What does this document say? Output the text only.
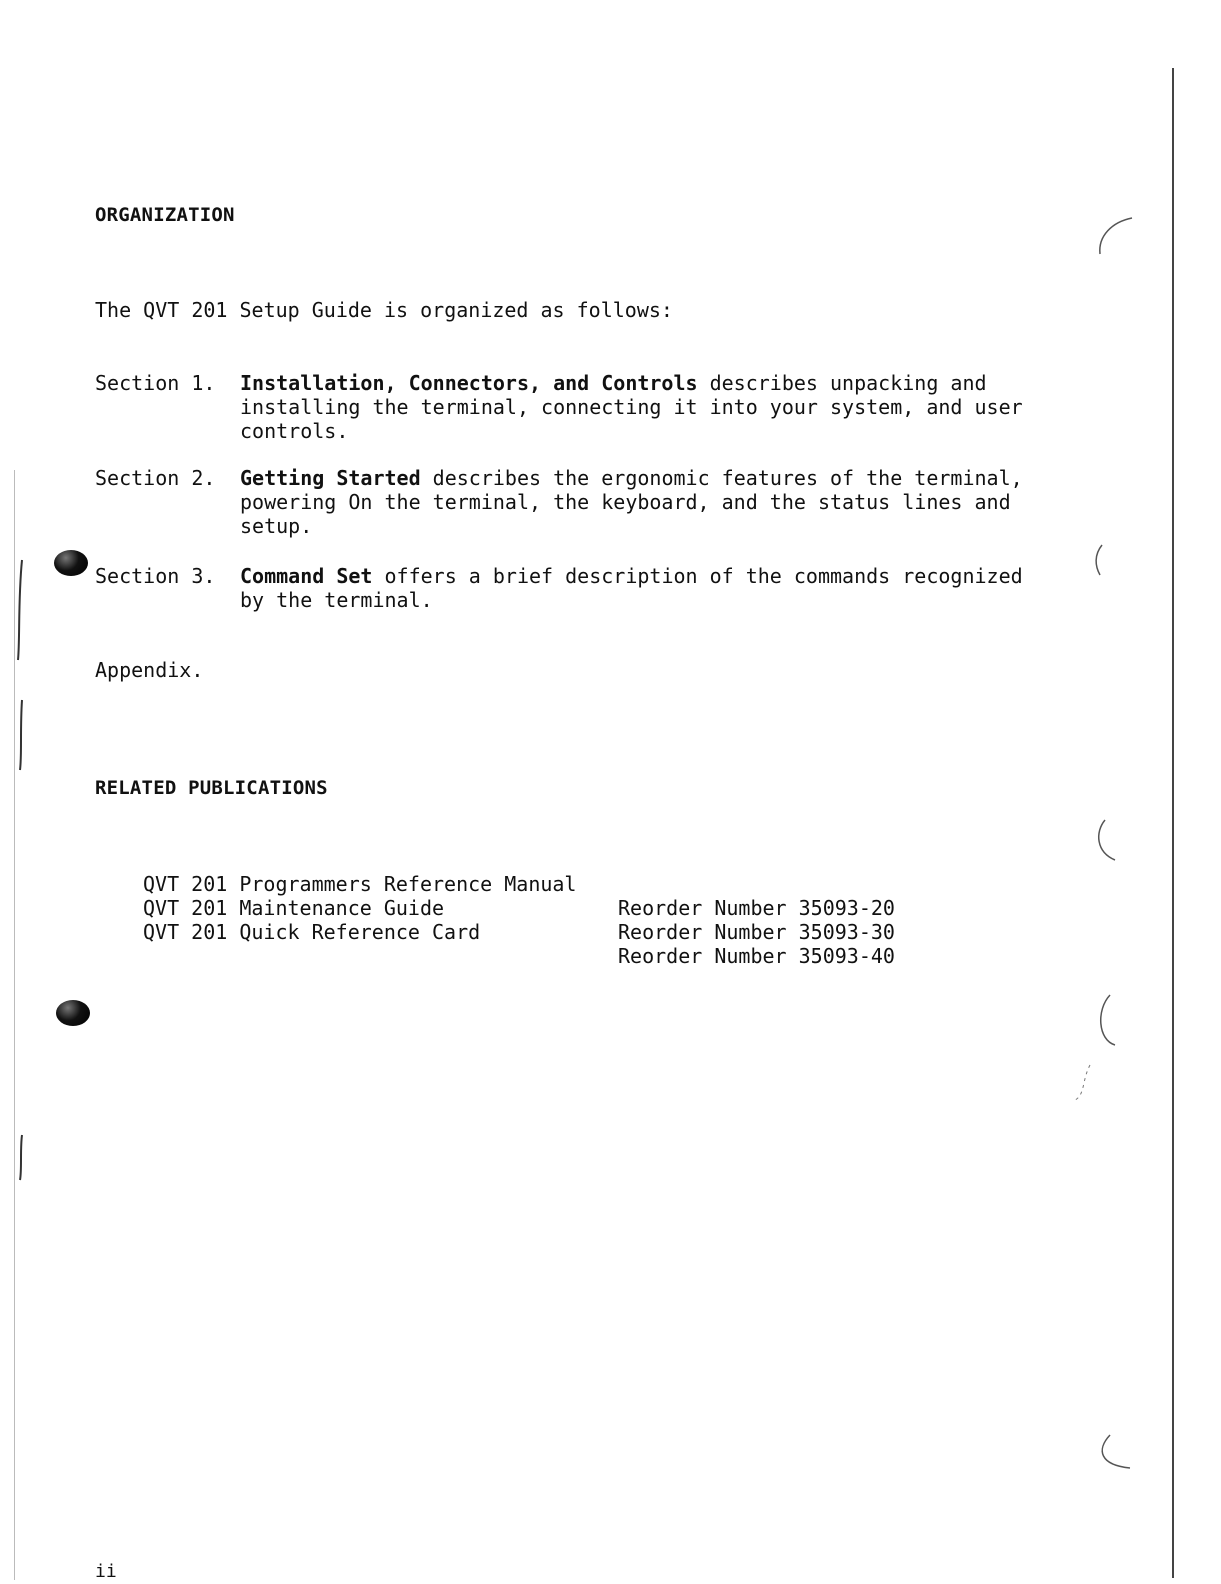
ORGANIZATION
The QVT 201 Setup Guide is organized as follows:
Section 1. Installation, Connectors, and Controls describes unpacking and installing the terminal, connecting it into your system, and user controls.
Section 2. Getting Started describes the ergonomic features of the terminal, powering On the terminal, the keyboard, and the status lines and setup.
Section 3. Command Set offers a brief description of the commands recognized by the terminal.
Appendix.
RELATED PUBLICATIONS

QVT 201 Programmers Reference Manual

Reorder Number 35093-20

QVT 201 Maintenance Guide

Reorder Number 35093-30

QVT 201 Quick Reference Card

Reorder Number 35093-40

ii
